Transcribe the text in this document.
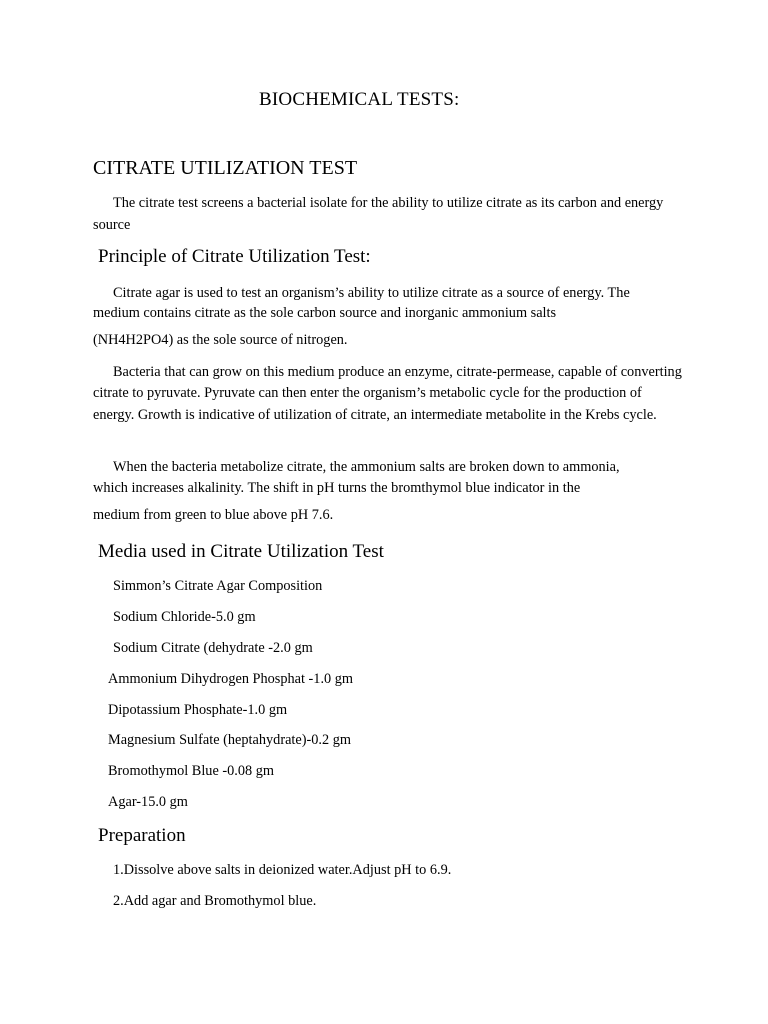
BIOCHEMICAL TESTS:
CITRATE UTILIZATION TEST
The citrate test screens a bacterial isolate for the ability to utilize citrate as its carbon and energy source
Principle of Citrate Utilization Test:
Citrate agar is used to test an organism’s ability to utilize citrate as a source of energy. The
medium contains citrate as the sole carbon source and inorganic ammonium salts
(NH4H2PO4) as the sole source of nitrogen.
Bacteria that can grow on this medium produce an enzyme, citrate-permease, capable of converting citrate to pyruvate. Pyruvate can then enter the organism’s metabolic cycle for the production of energy. Growth is indicative of utilization of citrate, an intermediate metabolite in the Krebs cycle.
When the bacteria metabolize citrate, the ammonium salts are broken down to ammonia,
which increases alkalinity. The shift in pH turns the bromthymol blue indicator in the
medium from green to blue above pH 7.6.
Media used in Citrate Utilization Test
Simmon’s Citrate Agar Composition
Sodium Chloride-5.0 gm
Sodium Citrate (dehydrate -2.0 gm
Ammonium Dihydrogen Phosphat -1.0 gm
Dipotassium Phosphate-1.0 gm
Magnesium Sulfate (heptahydrate)-0.2 gm
Bromothymol Blue -0.08 gm
Agar-15.0 gm
Preparation
1.Dissolve above salts in deionized water.Adjust pH to 6.9.
2.Add agar and Bromothymol blue.
